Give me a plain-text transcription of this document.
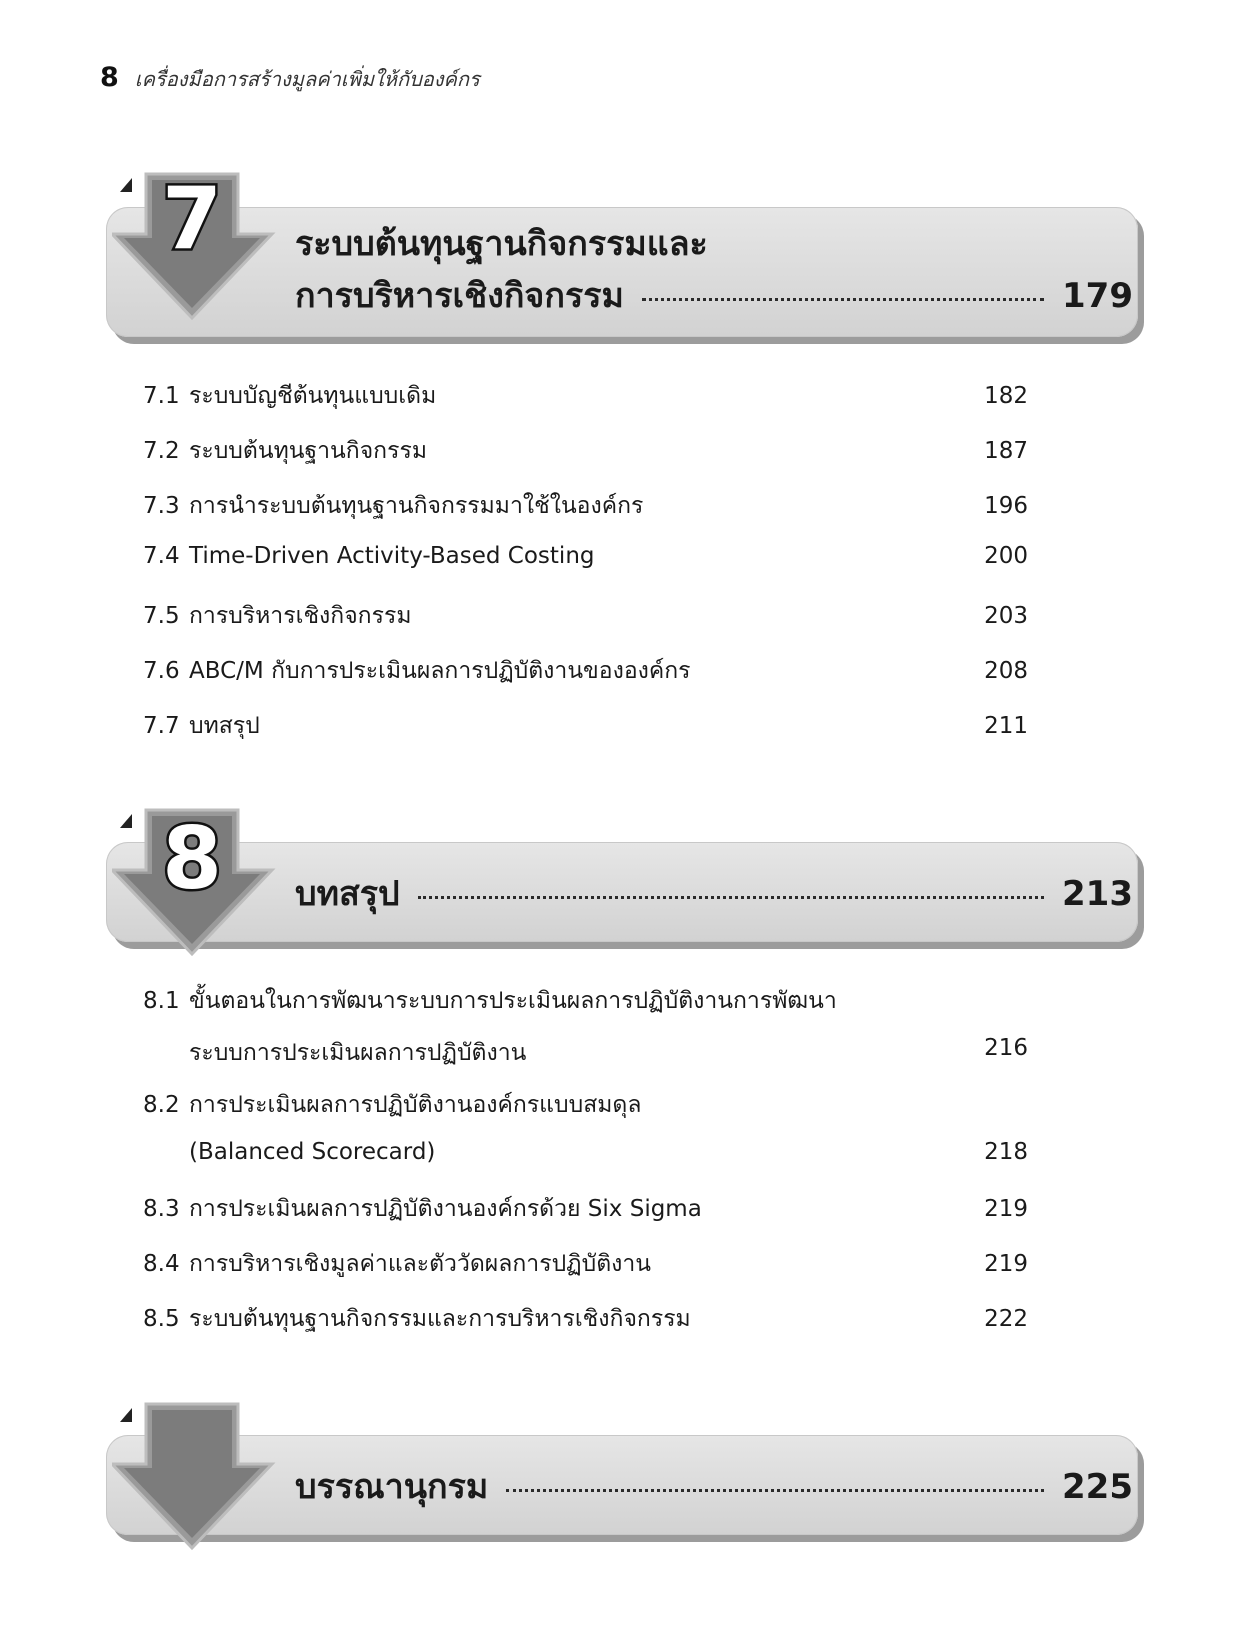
8 เครื่องมือการสร้างมูลค่าเพิ่มให้กับองค์กร
7 ระบบต้นทุนฐานกิจกรรมและ
การบริหารเชิงกิจกรรม	179
7.1 ระบบบัญชีต้นทุนแบบเดิม	182
7.2 ระบบต้นทุนฐานกิจกรรม	187
7.3 การนำระบบต้นทุนฐานกิจกรรมมาใช้ในองค์กร	196
7.4 Time-Driven Activity-Based Costing	200
7.5 การบริหารเชิงกิจกรรม	203
7.6 ABC/M กับการประเมินผลการปฏิบัติงานขององค์กร	208
7.7 บทสรุป	211
8 บทสรุป	213
8.1 ขั้นตอนในการพัฒนาระบบการประเมินผลการปฏิบัติงานการพัฒนา
ระบบการประเมินผลการปฏิบัติงาน	216
8.2 การประเมินผลการปฏิบัติงานองค์กรแบบสมดุล
(Balanced Scorecard)	218
8.3 การประเมินผลการปฏิบัติงานองค์กรด้วย Six Sigma	219
8.4 การบริหารเชิงมูลค่าและตัววัดผลการปฏิบัติงาน	219
8.5 ระบบต้นทุนฐานกิจกรรมและการบริหารเชิงกิจกรรม	222
บรรณานุกรม	225
